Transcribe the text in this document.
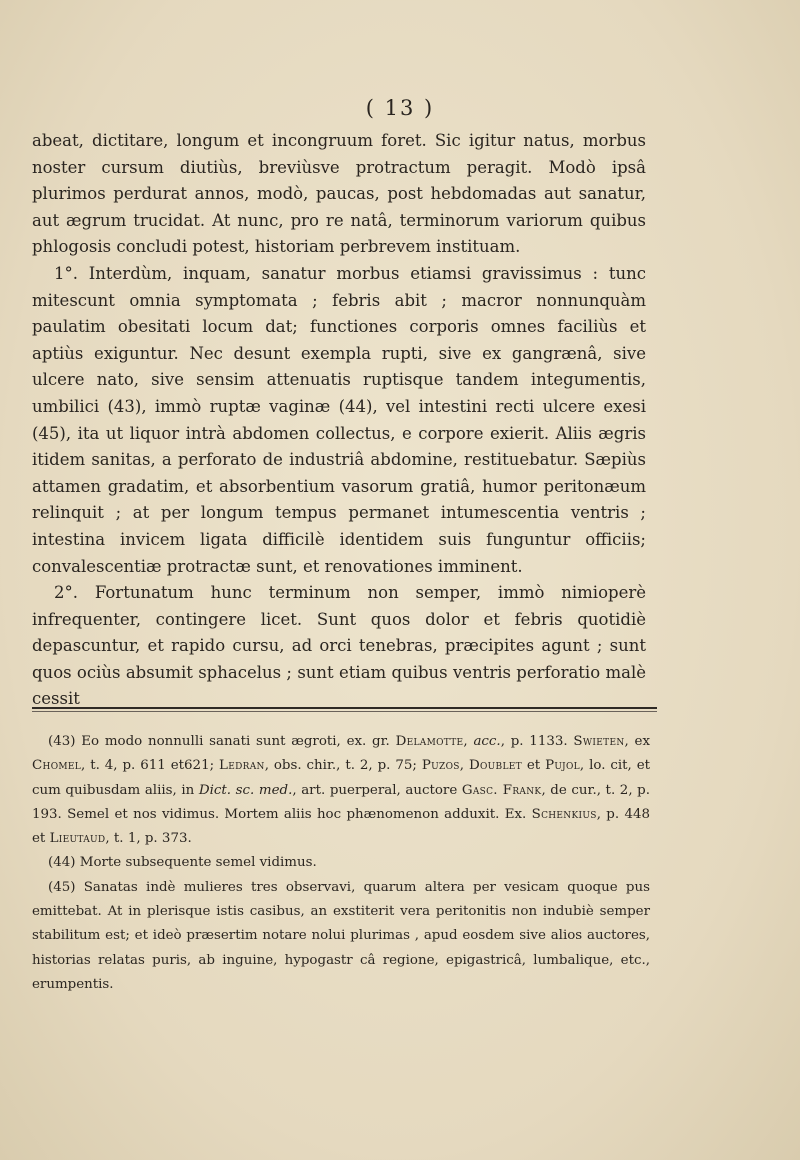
( 13 )

abeat, dictitare, longum et incongruum foret. Sic igitur natus, morbus noster cursum diutiùs, breviùsve protractum peragit. Modò ipsâ plurimos perdurat annos, modò, paucas, post hebdomadas aut sanatur, aut ægrum trucidat. At nunc, pro re natâ, terminorum variorum quibus phlogosis concludi potest, historiam perbrevem instituam.

1°. Interdùm, inquam, sanatur morbus etiamsi gravissimus : tunc mitescunt omnia symptomata ; febris abit ; macror nonnunquàm paulatim obesitati locum dat; functiones corporis omnes faciliùs et aptiùs exiguntur. Nec desunt exempla rupti, sive ex gangrænâ, sive ulcere nato, sive sensim attenuatis ruptisque tandem integumentis, umbilici (43), immò ruptæ vaginæ (44), vel intestini recti ulcere exesi (45), ita ut liquor intrà abdomen collectus, e corpore exierit. Aliis ægris itidem sanitas, a perforato de industriâ abdomine, restituebatur. Sæpiùs attamen gradatim, et absorbentium vasorum gratiâ, humor peritonæum relinquit ; at per longum tempus permanet intumescentia ventris ; intestina invicem ligata difficilè identidem suis funguntur officiis; convalescentiæ protractæ sunt, et renovationes imminent.

2°. Fortunatum hunc terminum non semper, immò nimioperè infrequenter, contingere licet. Sunt quos dolor et febris quotidiè depascuntur, et rapido cursu, ad orci tenebras, præcipites agunt ; sunt quos ociùs absumit sphacelus ; sunt etiam quibus ventris perforatio malè cessit

(43) Eo modo nonnulli sanati sunt ægroti, ex. gr. Delamotte, acc., p. 1133. Swieten, ex Chomel, t. 4, p. 611 et621; Ledran, obs. chir., t. 2, p. 75; Puzos, Doublet et Pujol, lo. cit, et cum quibusdam aliis, in Dict. sc. med., art. puerperal, auctore Gasc. Frank, de cur., t. 2, p. 193. Semel et nos vidimus. Mortem aliis hoc phænomenon adduxit. Ex. Schenkius, p. 448 et Lieutaud, t. 1, p. 373.

(44) Morte subsequente semel vidimus.

(45) Sanatas indè mulieres tres observavi, quarum altera per vesicam quoque pus emittebat. At in plerisque istis casibus, an exstiterit vera peritonitis non indubiè semper stabilitum est; et ideò præsertim notare nolui plurimas , apud eosdem sive alios auctores, historias relatas puris, ab inguine, hypogastr câ regione, epigastricâ, lumbalique, etc., erumpentis.
